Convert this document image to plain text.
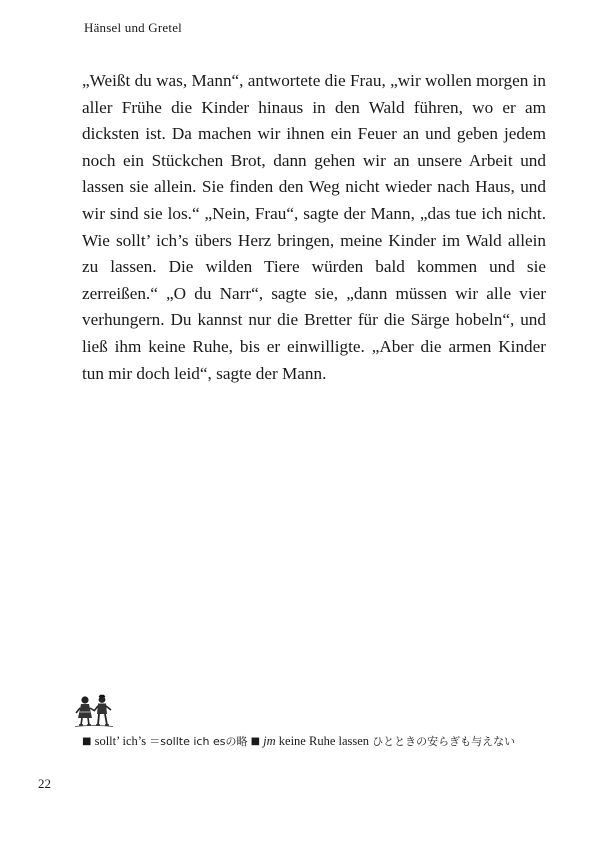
Hänsel und Gretel
„Weißt du was, Mann“, antwortete die Frau, „wir wollen morgen in aller Frühe die Kinder hinaus in den Wald führen, wo er am dicksten ist. Da machen wir ihnen ein Feuer an und geben jedem noch ein Stückchen Brot, dann gehen wir an unsere Arbeit und lassen sie allein. Sie finden den Weg nicht wieder nach Haus, und wir sind sie los.“ „Nein, Frau“, sagte der Mann, „das tue ich nicht. Wie sollt’ ich’s übers Herz bringen, meine Kinder im Wald allein zu lassen. Die wilden Tiere würden bald kommen und sie zerreißen.“ „O du Narr“, sagte sie, „dann müssen wir alle vier verhungern. Du kannst nur die Bretter für die Särge hobeln“, und ließ ihm keine Ruhe, bis er einwilligte. „Aber die armen Kinder tun mir doch leid“, sagte der Mann.
■ sollt’ ich’s ＝sollte ich esの略 ■ jm keine Ruhe lassen ひとときの安らぎも与えない
22
